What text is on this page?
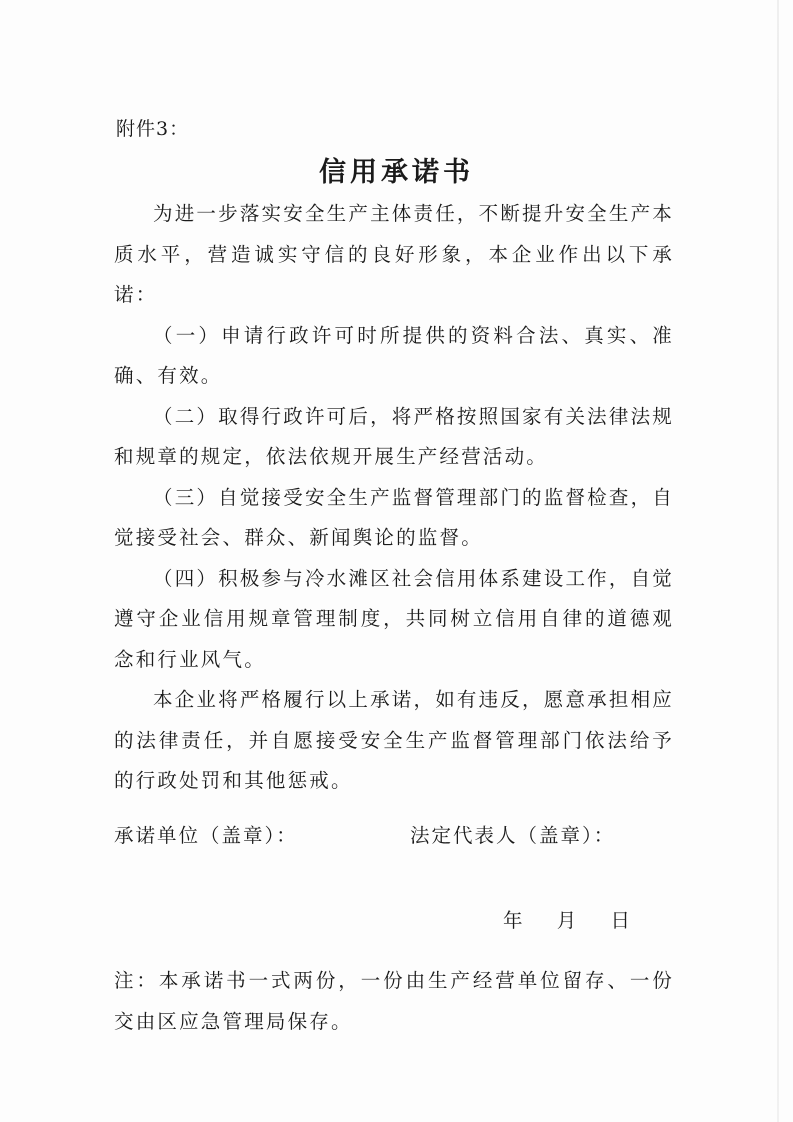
附件3：
信用承诺书

为进一步落实安全生产主体责任，不断提升安全生产本质水平，营造诚实守信的良好形象，本企业作出以下承诺：

（一）申请行政许可时所提供的资料合法、真实、准确、有效。

（二）取得行政许可后，将严格按照国家有关法律法规和规章的规定，依法依规开展生产经营活动。

（三）自觉接受安全生产监督管理部门的监督检查，自觉接受社会、群众、新闻舆论的监督。

（四）积极参与冷水滩区社会信用体系建设工作，自觉遵守企业信用规章管理制度，共同树立信用自律的道德观念和行业风气。

本企业将严格履行以上承诺，如有违反，愿意承担相应的法律责任，并自愿接受安全生产监督管理部门依法给予的行政处罚和其他惩戒。

承诺单位（盖章）：	法定代表人（盖章）：
年 月 日
注：本承诺书一式两份，一份由生产经营单位留存、一份交由区应急管理局保存。
